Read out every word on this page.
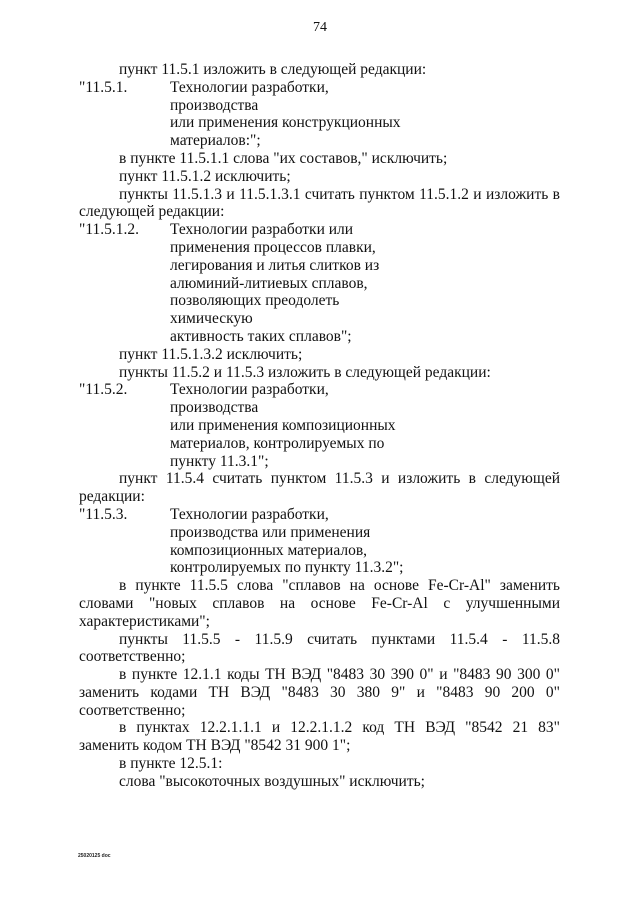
74

пункт 11.5.1 изложить в следующей редакции:

"11.5.1.	Технологии разработки, производства
или применения конструкционных
материалов:";

в пункте 11.5.1.1 слова "их составов," исключить;

пункт 11.5.1.2 исключить;

пункты 11.5.1.3 и 11.5.1.3.1 считать пунктом 11.5.1.2 и изложить в следующей редакции:

"11.5.1.2.	Технологии разработки или
применения процессов плавки,
легирования и литья слитков из
алюминий-литиевых сплавов,
позволяющих преодолеть химическую
активность таких сплавов";

пункт 11.5.1.3.2 исключить;

пункты 11.5.2 и 11.5.3 изложить в следующей редакции:

"11.5.2.	Технологии разработки, производства
или применения композиционных
материалов, контролируемых по
пункту 11.3.1";

пункт 11.5.4 считать пунктом 11.5.3 и изложить в следующей редакции:

"11.5.3.	Технологии разработки,
производства или применения
композиционных материалов,
контролируемых по пункту 11.3.2";

в пункте 11.5.5 слова "сплавов на основе Fe-Cr-Al" заменить словами "новых сплавов на основе Fe-Cr-Al с улучшенными характеристиками";

пункты 11.5.5 - 11.5.9 считать пунктами 11.5.4 - 11.5.8 соответственно;

в пункте 12.1.1 коды ТН ВЭД "8483 30 390 0" и "8483 90 300 0" заменить кодами ТН ВЭД "8483 30 380 9" и "8483 90 200 0" соответственно;

в пунктах 12.2.1.1.1 и 12.2.1.1.2 код ТН ВЭД "8542 21 83" заменить кодом ТН ВЭД "8542 31 900 1";

в пункте 12.5.1:

слова "высокоточных воздушных" исключить;

25020125 doc
